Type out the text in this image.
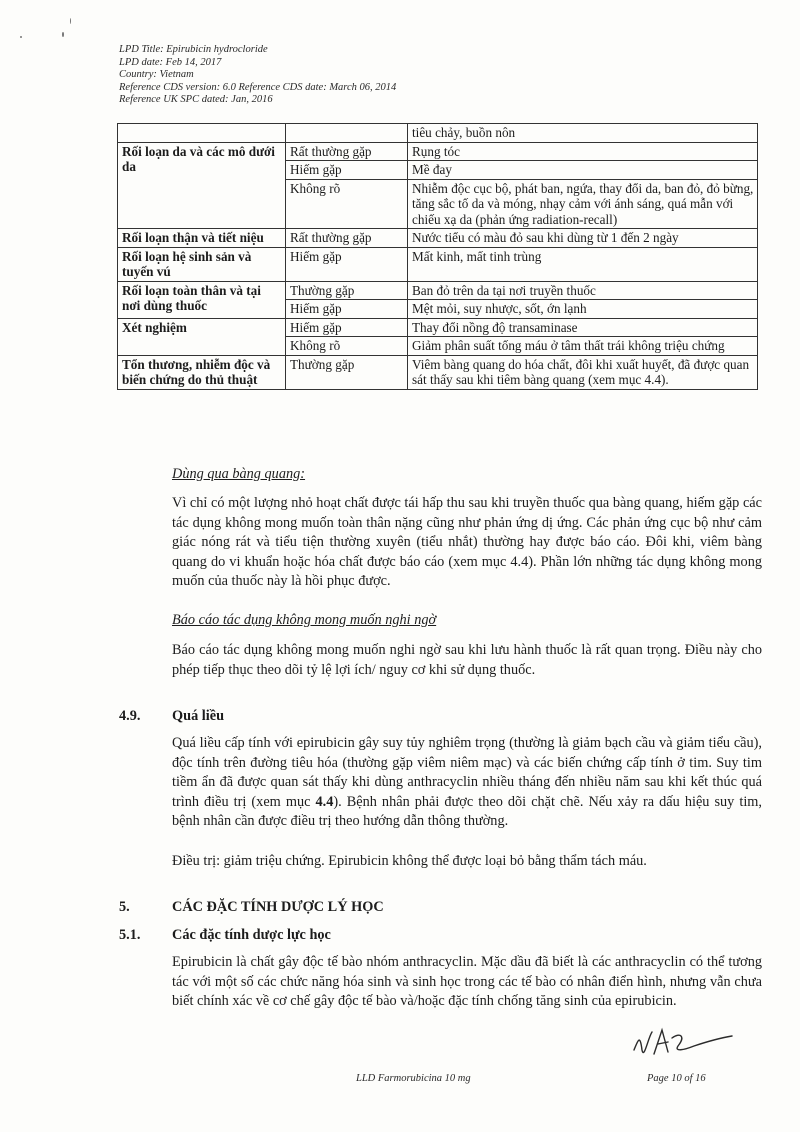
LPD Title: Epirubicin hydrocloride
LPD date: Feb 14, 2017
Country: Vietnam
Reference CDS version: 6.0 Reference CDS date: March 06, 2014
Reference UK SPC dated: Jan, 2016
		tiêu chảy, buồn nôn
Rối loạn da và các mô dưới da	Rất thường gặp	Rụng tóc
	Hiếm gặp	Mề đay
	Không rõ	Nhiễm độc cục bộ, phát ban, ngứa, thay đổi da, ban đỏ, đỏ bừng, tăng sắc tố da và móng, nhạy cảm với ánh sáng, quá mẫn với chiếu xạ da (phản ứng radiation-recall)
Rối loạn thận và tiết niệu	Rất thường gặp	Nước tiểu có màu đỏ sau khi dùng từ 1 đến 2 ngày
Rối loạn hệ sinh sản và tuyến vú	Hiếm gặp	Mất kinh, mất tinh trùng
Rối loạn toàn thân và tại nơi dùng thuốc	Thường gặp	Ban đỏ trên da tại nơi truyền thuốc
	Hiếm gặp	Mệt mỏi, suy nhược, sốt, ớn lạnh
Xét nghiệm	Hiếm gặp	Thay đổi nồng độ transaminase
	Không rõ	Giảm phân suất tống máu ở tâm thất trái không triệu chứng
Tổn thương, nhiễm độc và biến chứng do thủ thuật	Thường gặp	Viêm bàng quang do hóa chất, đôi khi xuất huyết, đã được quan sát thấy sau khi tiêm bàng quang (xem mục 4.4).
Dùng qua bàng quang:
Vì chỉ có một lượng nhỏ hoạt chất được tái hấp thu sau khi truyền thuốc qua bàng quang, hiếm gặp các tác dụng không mong muốn toàn thân nặng cũng như phản ứng dị ứng. Các phản ứng cục bộ như cảm giác nóng rát và tiểu tiện thường xuyên (tiểu nhắt) thường hay được báo cáo. Đôi khi, viêm bàng quang do vi khuẩn hoặc hóa chất được báo cáo (xem mục 4.4). Phần lớn những tác dụng không mong muốn của thuốc này là hồi phục được.
Báo cáo tác dụng không mong muốn nghi ngờ
Báo cáo tác dụng không mong muốn nghi ngờ sau khi lưu hành thuốc là rất quan trọng. Điều này cho phép tiếp thục theo dõi tỷ lệ lợi ích/ nguy cơ khi sử dụng thuốc.
4.9. Quá liều
Quá liều cấp tính với epirubicin gây suy tủy nghiêm trọng (thường là giảm bạch cầu và giảm tiểu cầu), độc tính trên đường tiêu hóa (thường gặp viêm niêm mạc) và các biến chứng cấp tính ở tim. Suy tim tiềm ẩn đã được quan sát thấy khi dùng anthracyclin nhiều tháng đến nhiều năm sau khi kết thúc quá trình điều trị (xem mục 4.4). Bệnh nhân phải được theo dõi chặt chẽ. Nếu xảy ra dấu hiệu suy tim, bệnh nhân cần được điều trị theo hướng dẫn thông thường.
Điều trị: giảm triệu chứng. Epirubicin không thể được loại bỏ bằng thẩm tách máu.
5.	CÁC ĐẶC TÍNH DƯỢC LÝ HỌC
5.1. Các đặc tính dược lực học
Epirubicin là chất gây độc tế bào nhóm anthracyclin. Mặc dầu đã biết là các anthracyclin có thể tương tác với một số các chức năng hóa sinh và sinh học trong các tế bào có nhân điển hình, nhưng vẫn chưa biết chính xác về cơ chế gây độc tế bào và/hoặc đặc tính chống tăng sinh của epirubicin.
LLD Farmorubicina 10 mg	Page 10 of 16
